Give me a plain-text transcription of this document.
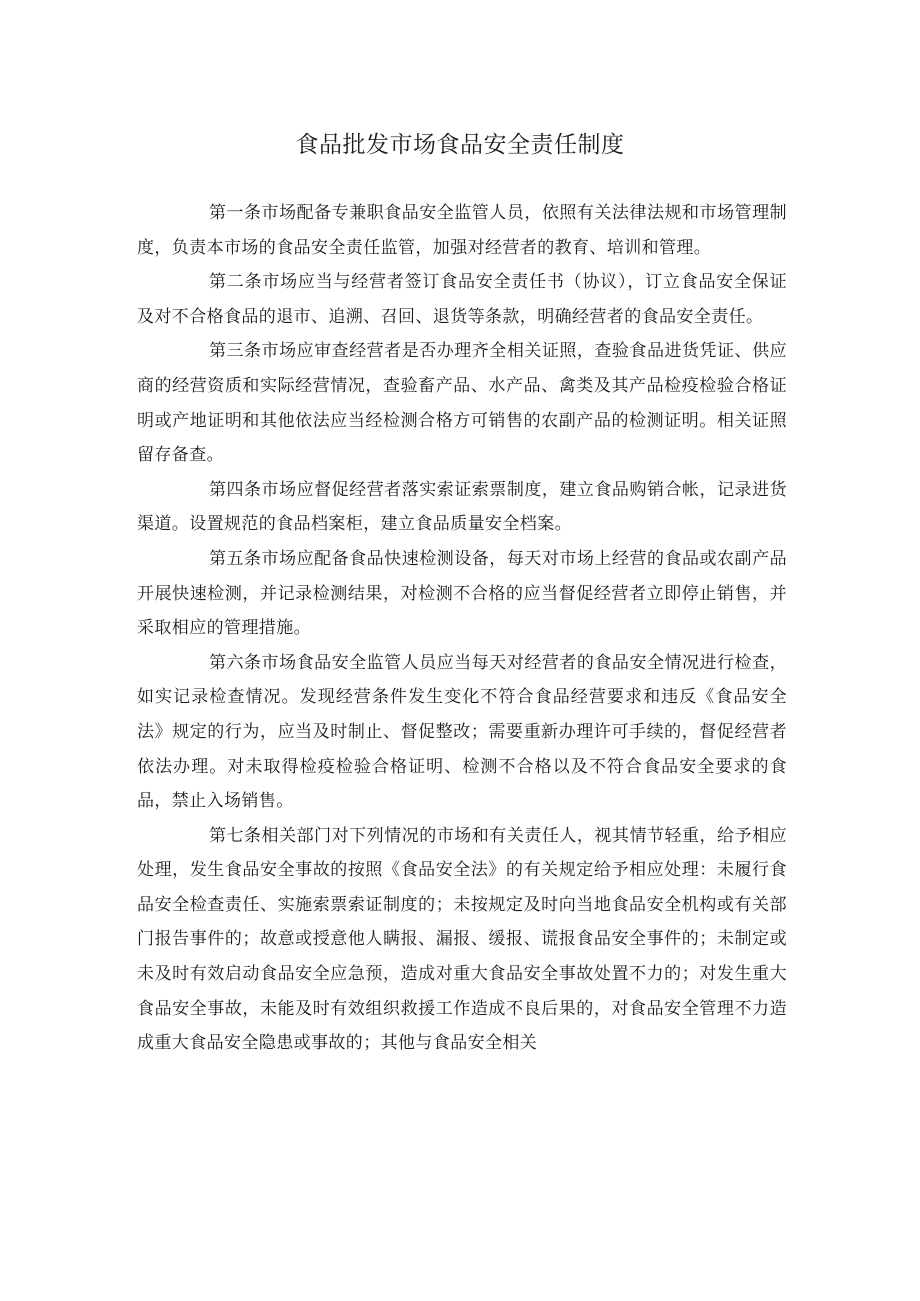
食品批发市场食品安全责任制度

第一条市场配备专兼职食品安全监管人员，依照有关法律法规和市场管理制度，负责本市场的食品安全责任监管，加强对经营者的教育、培训和管理。

第二条市场应当与经营者签订食品安全责任书（协议），订立食品安全保证及对不合格食品的退市、追溯、召回、退货等条款，明确经营者的食品安全责任。

第三条市场应审查经营者是否办理齐全相关证照，查验食品进货凭证、供应商的经营资质和实际经营情况，查验畜产品、水产品、禽类及其产品检疫检验合格证明或产地证明和其他依法应当经检测合格方可销售的农副产品的检测证明。相关证照留存备查。

第四条市场应督促经营者落实索证索票制度，建立食品购销合帐，记录进货渠道。设置规范的食品档案柜，建立食品质量安全档案。

第五条市场应配备食品快速检测设备，每天对市场上经营的食品或农副产品开展快速检测，并记录检测结果，对检测不合格的应当督促经营者立即停止销售，并采取相应的管理措施。

第六条市场食品安全监管人员应当每天对经营者的食品安全情况进行检查，如实记录检查情况。发现经营条件发生变化不符合食品经营要求和违反《食品安全法》规定的行为，应当及时制止、督促整改；需要重新办理许可手续的，督促经营者依法办理。对未取得检疫检验合格证明、检测不合格以及不符合食品安全要求的食品，禁止入场销售。

第七条相关部门对下列情况的市场和有关责任人，视其情节轻重，给予相应处理，发生食品安全事故的按照《食品安全法》的有关规定给予相应处理：未履行食品安全检查责任、实施索票索证制度的；未按规定及时向当地食品安全机构或有关部门报告事件的；故意或授意他人瞒报、漏报、缓报、谎报食品安全事件的；未制定或未及时有效启动食品安全应急预，造成对重大食品安全事故处置不力的；对发生重大食品安全事故，未能及时有效组织救援工作造成不良后果的，对食品安全管理不力造成重大食品安全隐患或事故的；其他与食品安全相关
